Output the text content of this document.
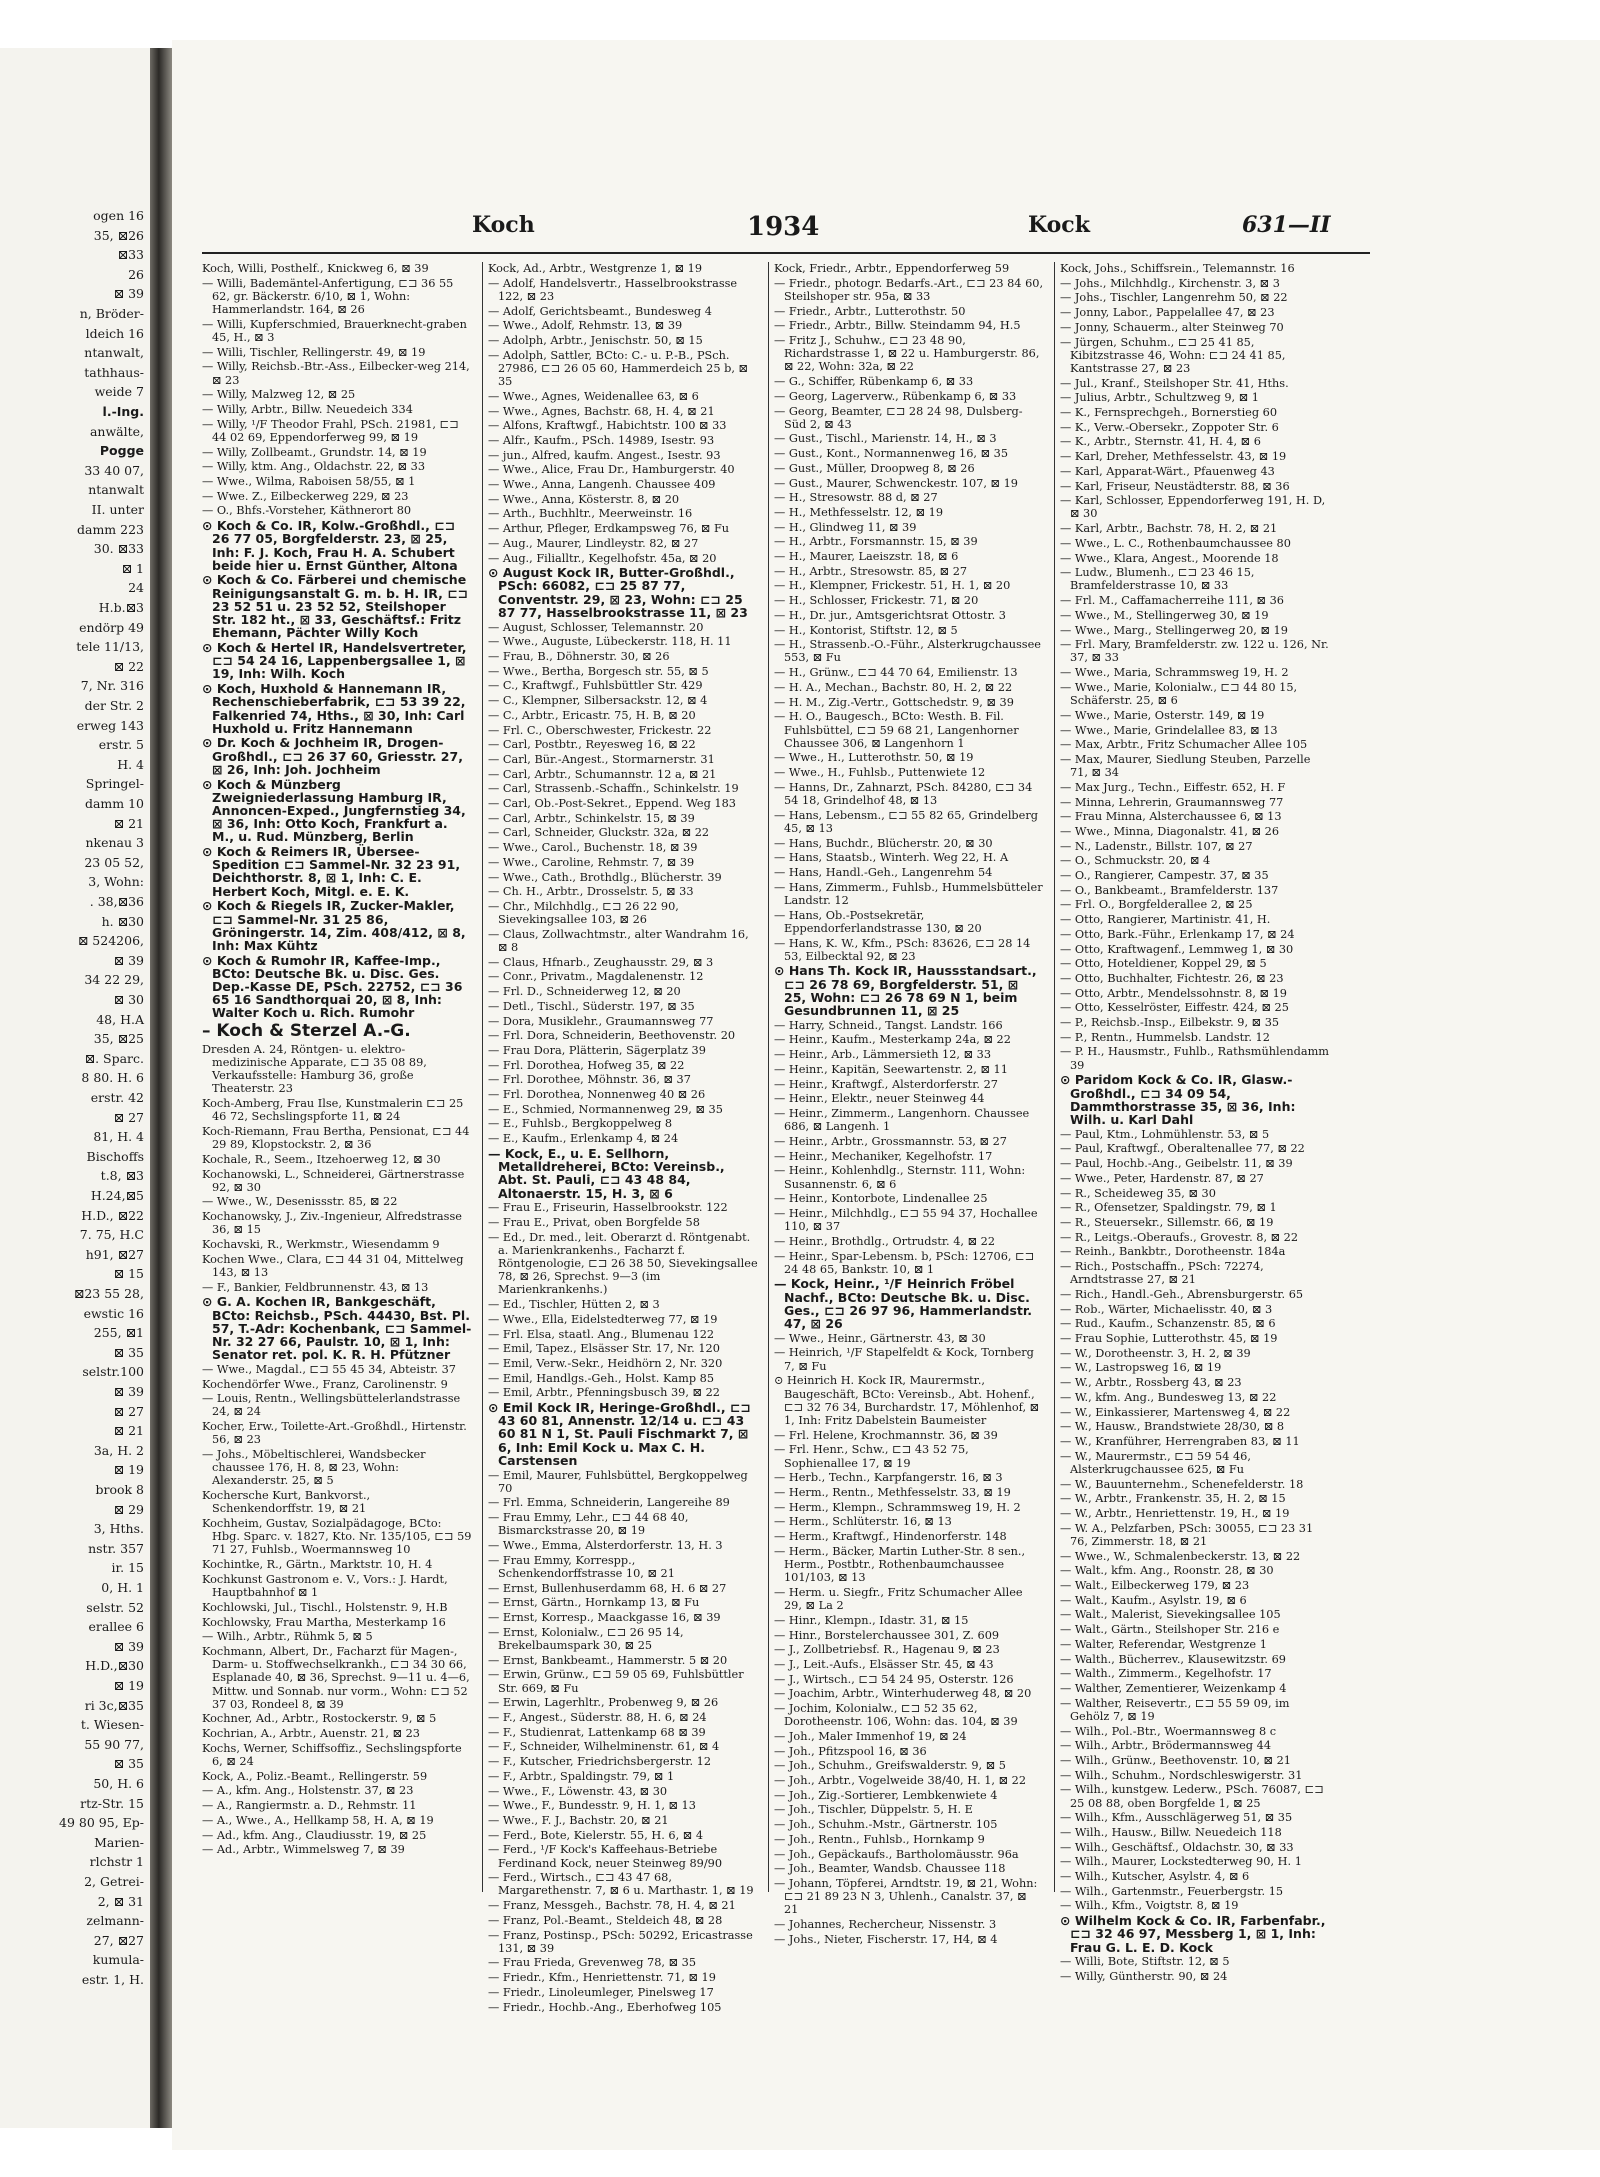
ogen 16
35, ⊠26
⊠33
26
⊠ 39
n, Bröder-
ldeich 16
ntanwalt,
tathhaus-
weide 7
l.-Ing.
anwälte,
Pogge
33 40 07,
ntanwalt
II. unter
damm 223
30. ⊠33
⊠ 1
24
H.b.⊠3
endörp 49
tele 11/13,
⊠ 22
7, Nr. 316
der Str. 2
erweg 143
erstr. 5
H. 4
Springel-
damm 10
⊠ 21
nkenau 3
23 05 52,
3, Wohn:
. 38,⊠36
h. ⊠30
⊠ 524206,
⊠ 39
34 22 29,
⊠ 30
48, H.A
35, ⊠25
⊠. Sparc.
8 80. H. 6
erstr. 42
⊠ 27
81, H. 4
Bischoffs
t.8, ⊠3
H.24,⊠5
H.D., ⊠22
7. 75, H.C
h91, ⊠27
⊠ 15
⊠23 55 28,
ewstic 16
255, ⊠1
⊠ 35
selstr.100
⊠ 39
⊠ 27
⊠ 21
3a, H. 2
⊠ 19
brook 8
⊠ 29
3, Hths.
nstr. 357
ir. 15
0, H. 1
selstr. 52
erallee 6
⊠ 39
H.D.,⊠30
⊠ 19
ri 3c,⊠35
t. Wiesen-
55 90 77,
⊠ 35
50, H. 6
rtz-Str. 15
49 80 95, Ep-
Marien-
rlchstr 1
2, Getrei-
2, ⊠ 31
zelmann-
27, ⊠27
kumula-
estr. 1, H.
Koch	1934	Kock	631—II
Koch, Willi, Posthelf., Knickweg 6, ⊠ 39
— Willi, Bademäntel-Anfertigung, ⊏⊐ 36 55 62, gr. Bäckerstr. 6/10, ⊠ 1, Wohn: Hammerlandstr. 164, ⊠ 26
— Willi, Kupferschmied, Brauerknecht-graben 45, H., ⊠ 3
— Willi, Tischler, Rellingerstr. 49, ⊠ 19
— Willy, Reichsb.-Btr.-Ass., Eilbecker-weg 214, ⊠ 23
— Willy, Malzweg 12, ⊠ 25
— Willy, Arbtr., Billw. Neuedeich 334
— Willy, ¹/F Theodor Frahl, PSch. 21981, ⊏⊐ 44 02 69, Eppendorferweg 99, ⊠ 19
— Willy, Zollbeamt., Grundstr. 14, ⊠ 19
— Willy, ktm. Ang., Oldachstr. 22, ⊠ 33
— Wwe., Wilma, Raboisen 58/55, ⊠ 1
— Wwe. Z., Eilbeckerweg 229, ⊠ 23
— O., Bhfs.-Vorsteher, Käthnerort 80
⊙ Koch & Co. IR, Kolw.-Großhdl., ⊏⊐ 26 77 05, Borgfelderstr. 23, ⊠ 25, Inh: F. J. Koch, Frau H. A. Schubert beide hier u. Ernst Günther, Altona
⊙ Koch & Co. Färberei und chemische Reinigungsanstalt G. m. b. H. IR, ⊏⊐ 23 52 51 u. 23 52 52, Steilshoper Str. 182 ht., ⊠ 33, Geschäftsf.: Fritz Ehemann, Pächter Willy Koch
⊙ Koch & Hertel IR, Handelsvertreter, ⊏⊐ 54 24 16, Lappenbergsallee 1, ⊠ 19, Inh: Wilh. Koch
⊙ Koch, Huxhold & Hannemann IR, Rechenschieberfabrik, ⊏⊐ 53 39 22, Falkenried 74, Hths., ⊠ 30, Inh: Carl Huxhold u. Fritz Hannemann
⊙ Dr. Koch & Jochheim IR, Drogen-Großhdl., ⊏⊐ 26 37 60, Griesstr. 27, ⊠ 26, Inh: Joh. Jochheim
⊙ Koch & Münzberg Zweigniederlassung Hamburg IR, Annoncen-Exped., Jungfernstieg 34, ⊠ 36, Inh: Otto Koch, Frankfurt a. M., u. Rud. Münzberg, Berlin
⊙ Koch & Reimers IR, Übersee-Spedition ⊏⊐ Sammel-Nr. 32 23 91, Deichthorstr. 8, ⊠ 1, Inh: C. E. Herbert Koch, Mitgl. e. E. K.
⊙ Koch & Riegels IR, Zucker-Makler, ⊏⊐ Sammel-Nr. 31 25 86, Gröningerstr. 14, Zim. 408/412, ⊠ 8, Inh: Max Kühtz
⊙ Koch & Rumohr IR, Kaffee-Imp., BCto: Deutsche Bk. u. Disc. Ges. Dep.-Kasse DE, PSch. 22752, ⊏⊐ 36 65 16 Sandthorquai 20, ⊠ 8, Inh: Walter Koch u. Rich. Rumohr
– Koch & Sterzel A.-G.
Dresden A. 24, Röntgen- u. elektro-medizinische Apparate, ⊏⊐ 35 08 89, Verkaufsstelle: Hamburg 36, große Theaterstr. 23
Koch-Amberg, Frau Ilse, Kunstmalerin ⊏⊐ 25 46 72, Sechslingspforte 11, ⊠ 24
Koch-Riemann, Frau Bertha, Pensionat, ⊏⊐ 44 29 89, Klopstockstr. 2, ⊠ 36
Kochale, R., Seem., Itzehoerweg 12, ⊠ 30
Kochanowski, L., Schneiderei, Gärtnerstrasse 92, ⊠ 30
— Wwe., W., Desenissstr. 85, ⊠ 22
Kochanowsky, J., Ziv.-Ingenieur, Alfredstrasse 36, ⊠ 15
Kochavski, R., Werkmstr., Wiesendamm 9
Kochen Wwe., Clara, ⊏⊐ 44 31 04, Mittelweg 143, ⊠ 13
— F., Bankier, Feldbrunnenstr. 43, ⊠ 13
⊙ G. A. Kochen IR, Bankgeschäft, BCto: Reichsb., PSch. 44430, Bst. Pl. 57, T.-Adr: Kochenbank, ⊏⊐ Sammel-Nr. 32 27 66, Paulstr. 10, ⊠ 1, Inh: Senator ret. pol. K. R. H. Pfützner
— Wwe., Magdal., ⊏⊐ 55 45 34, Abteistr. 37
Kochendörfer Wwe., Franz, Carolinenstr. 9
— Louis, Rentn., Wellingsbüttelerlandstrasse 24, ⊠ 24
Kocher, Erw., Toilette-Art.-Großhdl., Hirtenstr. 56, ⊠ 23
— Johs., Möbeltischlerei, Wandsbecker chaussee 176, H. 8, ⊠ 23, Wohn: Alexanderstr. 25, ⊠ 5
Kochersche Kurt, Bankvorst., Schenkendorffstr. 19, ⊠ 21
Kochheim, Gustav, Sozialpädagoge, BCto: Hbg. Sparc. v. 1827, Kto. Nr. 135/105, ⊏⊐ 59 71 27, Fuhlsb., Woermannsweg 10
Kochintke, R., Gärtn., Marktstr. 10, H. 4
Kochkunst Gastronom e. V., Vors.: J. Hardt, Hauptbahnhof ⊠ 1
Kochlowski, Jul., Tischl., Holstenstr. 9, H.B
Kochlowsky, Frau Martha, Mesterkamp 16
— Wilh., Arbtr., Rühmk 5, ⊠ 5
Kochmann, Albert, Dr., Facharzt für Magen-, Darm- u. Stoffwechselkrankh., ⊏⊐ 34 30 66, Esplanade 40, ⊠ 36, Sprechst. 9—11 u. 4—6, Mittw. und Sonnab. nur vorm., Wohn: ⊏⊐ 52 37 03, Rondeel 8, ⊠ 39
Kochner, Ad., Arbtr., Rostockerstr. 9, ⊠ 5
Kochrian, A., Arbtr., Auenstr. 21, ⊠ 23
Kochs, Werner, Schiffsoffiz., Sechslingspforte 6, ⊠ 24
Kock, A., Poliz.-Beamt., Rellingerstr. 59
— A., kfm. Ang., Holstenstr. 37, ⊠ 23
— A., Rangiermstr. a. D., Rehmstr. 11
— A., Wwe., A., Hellkamp 58, H. A, ⊠ 19
— Ad., kfm. Ang., Claudiusstr. 19, ⊠ 25
— Ad., Arbtr., Wimmelsweg 7, ⊠ 39
Kock, Ad., Arbtr., Westgrenze 1, ⊠ 19
— Adolf, Handelsvertr., Hasselbrookstrasse 122, ⊠ 23
— Adolf, Gerichtsbeamt., Bundesweg 4
— Wwe., Adolf, Rehmstr. 13, ⊠ 39
— Adolph, Arbtr., Jenischstr. 50, ⊠ 15
— Adolph, Sattler, BCto: C.- u. P.-B., PSch. 27986, ⊏⊐ 26 05 60, Hammerdeich 25 b, ⊠ 35
— Wwe., Agnes, Weidenallee 63, ⊠ 6
— Wwe., Agnes, Bachstr. 68, H. 4, ⊠ 21
— Alfons, Kraftwgf., Habichtstr. 100 ⊠ 33
— Alfr., Kaufm., PSch. 14989, Isestr. 93
— jun., Alfred, kaufm. Angest., Isestr. 93
— Wwe., Alice, Frau Dr., Hamburgerstr. 40
— Wwe., Anna, Langenh. Chaussee 409
— Wwe., Anna, Kösterstr. 8, ⊠ 20
— Arth., Buchhltr., Meerweinstr. 16
— Arthur, Pfleger, Erdkampsweg 76, ⊠ Fu
— Aug., Maurer, Lindleystr. 82, ⊠ 27
— Aug., Filialltr., Kegelhofstr. 45a, ⊠ 20
⊙ August Kock IR, Butter-Großhdl., PSch: 66082, ⊏⊐ 25 87 77, Conventstr. 29, ⊠ 23, Wohn: ⊏⊐ 25 87 77, Hasselbrookstrasse 11, ⊠ 23
— August, Schlosser, Telemannstr. 20
— Wwe., Auguste, Lübeckerstr. 118, H. 11
— Frau, B., Döhnerstr. 30, ⊠ 26
— Wwe., Bertha, Borgesch str. 55, ⊠ 5
— C., Kraftwgf., Fuhlsbüttler Str. 429
— C., Klempner, Silbersackstr. 12, ⊠ 4
— C., Arbtr., Ericastr. 75, H. B, ⊠ 20
— Frl. C., Oberschwester, Frickestr. 22
— Carl, Postbtr., Reyesweg 16, ⊠ 22
— Carl, Bür.-Angest., Stormarnerstr. 31
— Carl, Arbtr., Schumannstr. 12 a, ⊠ 21
— Carl, Strassenb.-Schaffn., Schinkelstr. 19
— Carl, Ob.-Post-Sekret., Eppend. Weg 183
— Carl, Arbtr., Schinkelstr. 15, ⊠ 39
— Carl, Schneider, Gluckstr. 32a, ⊠ 22
— Wwe., Carol., Buchenstr. 18, ⊠ 39
— Wwe., Caroline, Rehmstr. 7, ⊠ 39
— Wwe., Cath., Brothdlg., Blücherstr. 39
— Ch. H., Arbtr., Drosselstr. 5, ⊠ 33
— Chr., Milchhdlg., ⊏⊐ 26 22 90, Sievekingsallee 103, ⊠ 26
— Claus, Zollwachtmstr., alter Wandrahm 16, ⊠ 8
— Claus, Hfnarb., Zeughausstr. 29, ⊠ 3
— Conr., Privatm., Magdalenenstr. 12
— Frl. D., Schneiderweg 12, ⊠ 20
— Detl., Tischl., Süderstr. 197, ⊠ 35
— Dora, Musiklehr., Graumannsweg 77
— Frl. Dora, Schneiderin, Beethovenstr. 20
— Frau Dora, Plätterin, Sägerplatz 39
— Frl. Dorothea, Hofweg 35, ⊠ 22
— Frl. Dorothee, Möhnstr. 36, ⊠ 37
— Frl. Dorothea, Nonnenweg 40 ⊠ 26
— E., Schmied, Normannenweg 29, ⊠ 35
— E., Fuhlsb., Bergkoppelweg 8
— E., Kaufm., Erlenkamp 4, ⊠ 24
— Kock, E., u. E. Sellhorn, Metalldreherei, BCto: Vereinsb., Abt. St. Pauli, ⊏⊐ 43 48 84, Altonaerstr. 15, H. 3, ⊠ 6
— Frau E., Friseurin, Hasselbrookstr. 122
— Frau E., Privat, oben Borgfelde 58
— Ed., Dr. med., leit. Oberarzt d. Röntgenabt. a. Marienkrankenhs., Facharzt f. Röntgenologie, ⊏⊐ 26 38 50, Sievekingsallee 78, ⊠ 26, Sprechst. 9—3 (im Marienkrankenhs.)
— Ed., Tischler, Hütten 2, ⊠ 3
— Wwe., Ella, Eidelstedterweg 77, ⊠ 19
— Frl. Elsa, staatl. Ang., Blumenau 122
— Emil, Tapez., Elsässer Str. 17, Nr. 120
— Emil, Verw.-Sekr., Heidhörn 2, Nr. 320
— Emil, Handlgs.-Geh., Holst. Kamp 85
— Emil, Arbtr., Pfenningsbusch 39, ⊠ 22
⊙ Emil Kock IR, Heringe-Großhdl., ⊏⊐ 43 60 81, Annenstr. 12/14 u. ⊏⊐ 43 60 81 N 1, St. Pauli Fischmarkt 7, ⊠ 6, Inh: Emil Kock u. Max C. H. Carstensen
— Emil, Maurer, Fuhlsbüttel, Bergkoppelweg 70
— Frl. Emma, Schneiderin, Langereihe 89
— Frau Emmy, Lehr., ⊏⊐ 44 68 40, Bismarckstrasse 20, ⊠ 19
— Wwe., Emma, Alsterdorferstr. 13, H. 3
— Frau Emmy, Korrespp., Schenkendorffstrasse 10, ⊠ 21
— Ernst, Bullenhuserdamm 68, H. 6 ⊠ 27
— Ernst, Gärtn., Hornkamp 13, ⊠ Fu
— Ernst, Korresp., Maackgasse 16, ⊠ 39
— Ernst, Kolonialw., ⊏⊐ 26 95 14, Brekelbaumspark 30, ⊠ 25
— Ernst, Bankbeamt., Hammerstr. 5 ⊠ 20
— Erwin, Grünw., ⊏⊐ 59 05 69, Fuhlsbüttler Str. 669, ⊠ Fu
— Erwin, Lagerhltr., Probenweg 9, ⊠ 26
— F., Angest., Süderstr. 88, H. 6, ⊠ 24
— F., Studienrat, Lattenkamp 68 ⊠ 39
— F., Schneider, Wilhelminenstr. 61, ⊠ 4
— F., Kutscher, Friedrichsbergerstr. 12
— F., Arbtr., Spaldingstr. 79, ⊠ 1
— Wwe., F., Löwenstr. 43, ⊠ 30
— Wwe., F., Bundesstr. 9, H. 1, ⊠ 13
— Wwe., F. J., Bachstr. 20, ⊠ 21
— Ferd., Bote, Kielerstr. 55, H. 6, ⊠ 4
— Ferd., ¹/F Kock's Kaffeehaus-Betriebe Ferdinand Kock, neuer Steinweg 89/90
— Ferd., Wirtsch., ⊏⊐ 43 47 68, Margarethenstr. 7, ⊠ 6 u. Marthastr. 1, ⊠ 19
— Franz, Messgeh., Bachstr. 78, H. 4, ⊠ 21
— Franz, Pol.-Beamt., Steldeich 48, ⊠ 28
— Franz, Postinsp., PSch: 50292, Ericastrasse 131, ⊠ 39
— Frau Frieda, Grevenweg 78, ⊠ 35
— Friedr., Kfm., Henriettenstr. 71, ⊠ 19
— Friedr., Linoleumleger, Pinelsweg 17
— Friedr., Hochb.-Ang., Eberhofweg 105
Kock, Friedr., Arbtr., Eppendorferweg 59
— Friedr., photogr. Bedarfs.-Art., ⊏⊐ 23 84 60, Steilshoper str. 95a, ⊠ 33
— Friedr., Arbtr., Lutterothstr. 50
— Friedr., Arbtr., Billw. Steindamm 94, H.5
— Fritz J., Schuhw., ⊏⊐ 23 48 90, Richardstrasse 1, ⊠ 22 u. Hamburgerstr. 86, ⊠ 22, Wohn: 32a, ⊠ 22
— G., Schiffer, Rübenkamp 6, ⊠ 33
— Georg, Lagerverw., Rübenkamp 6, ⊠ 33
— Georg, Beamter, ⊏⊐ 28 24 98, Dulsberg-Süd 2, ⊠ 43
— Gust., Tischl., Marienstr. 14, H., ⊠ 3
— Gust., Kont., Normannenweg 16, ⊠ 35
— Gust., Müller, Droopweg 8, ⊠ 26
— Gust., Maurer, Schwenckestr. 107, ⊠ 19
— H., Stresowstr. 88 d, ⊠ 27
— H., Methfesselstr. 12, ⊠ 19
— H., Glindweg 11, ⊠ 39
— H., Arbtr., Forsmannstr. 15, ⊠ 39
— H., Maurer, Laeiszstr. 18, ⊠ 6
— H., Arbtr., Stresowstr. 85, ⊠ 27
— H., Klempner, Frickestr. 51, H. 1, ⊠ 20
— H., Schlosser, Frickestr. 71, ⊠ 20
— H., Dr. jur., Amtsgerichtsrat Ottostr. 3
— H., Kontorist, Stiftstr. 12, ⊠ 5
— H., Strassenb.-O.-Führ., Alsterkrugchaussee 553, ⊠ Fu
— H., Grünw., ⊏⊐ 44 70 64, Emilienstr. 13
— H. A., Mechan., Bachstr. 80, H. 2, ⊠ 22
— H. M., Zig.-Vertr., Gottschedstr. 9, ⊠ 39
— H. O., Baugesch., BCto: Westh. B. Fil. Fuhlsbüttel, ⊏⊐ 59 68 21, Langenhorner Chaussee 306, ⊠ Langenhorn 1
— Wwe., H., Lutterothstr. 50, ⊠ 19
— Wwe., H., Fuhlsb., Puttenwiete 12
— Hanns, Dr., Zahnarzt, PSch. 84280, ⊏⊐ 34 54 18, Grindelhof 48, ⊠ 13
— Hans, Lebensm., ⊏⊐ 55 82 65, Grindelberg 45, ⊠ 13
— Hans, Buchdr., Blücherstr. 20, ⊠ 30
— Hans, Staatsb., Winterh. Weg 22, H. A
— Hans, Handl.-Geh., Langenrehm 54
— Hans, Zimmerm., Fuhlsb., Hummelsbütteler Landstr. 12
— Hans, Ob.-Postsekretär, Eppendorferlandstrasse 130, ⊠ 20
— Hans, K. W., Kfm., PSch: 83626, ⊏⊐ 28 14 53, Eilbecktal 92, ⊠ 23
⊙ Hans Th. Kock IR, Haussstandsart., ⊏⊐ 26 78 69, Borgfelderstr. 51, ⊠ 25, Wohn: ⊏⊐ 26 78 69 N 1, beim Gesundbrunnen 11, ⊠ 25
— Harry, Schneid., Tangst. Landstr. 166
— Heinr., Kaufm., Mesterkamp 24a, ⊠ 22
— Heinr., Arb., Lämmersieth 12, ⊠ 33
— Heinr., Kapitän, Seewartenstr. 2, ⊠ 11
— Heinr., Kraftwgf., Alsterdorferstr. 27
— Heinr., Elektr., neuer Steinweg 44
— Heinr., Zimmerm., Langenhorn. Chaussee 686, ⊠ Langenh. 1
— Heinr., Arbtr., Grossmannstr. 53, ⊠ 27
— Heinr., Mechaniker, Kegelhofstr. 17
— Heinr., Kohlenhdlg., Sternstr. 111, Wohn: Susannenstr. 6, ⊠ 6
— Heinr., Kontorbote, Lindenallee 25
— Heinr., Milchhdlg., ⊏⊐ 55 94 37, Hochallee 110, ⊠ 37
— Heinr., Brothdlg., Ortrudstr. 4, ⊠ 22
— Heinr., Spar-Lebensm. b, PSch: 12706, ⊏⊐ 24 48 65, Bankstr. 10, ⊠ 1
— Kock, Heinr., ¹/F Heinrich Fröbel Nachf., BCto: Deutsche Bk. u. Disc. Ges., ⊏⊐ 26 97 96, Hammerlandstr. 47, ⊠ 26
— Wwe., Heinr., Gärtnerstr. 43, ⊠ 30
— Heinrich, ¹/F Stapelfeldt & Kock, Tornberg 7, ⊠ Fu
⊙ Heinrich H. Kock IR, Maurermstr., Baugeschäft, BCto: Vereinsb., Abt. Hohenf., ⊏⊐ 32 76 34, Burchardstr. 17, Möhlenhof, ⊠ 1, Inh: Fritz Dabelstein Baumeister
— Frl. Helene, Krochmannstr. 36, ⊠ 39
— Frl. Henr., Schw., ⊏⊐ 43 52 75, Sophienallee 17, ⊠ 19
— Herb., Techn., Karpfangerstr. 16, ⊠ 3
— Herm., Rentn., Methfesselstr. 33, ⊠ 19
— Herm., Klempn., Schrammsweg 19, H. 2
— Herm., Schlüterstr. 16, ⊠ 13
— Herm., Kraftwgf., Hindenorferstr. 148
— Herm., Bäcker, Martin Luther-Str. 8 sen., Herm., Postbtr., Rothenbaumchaussee 101/103, ⊠ 13
— Herm. u. Siegfr., Fritz Schumacher Allee 29, ⊠ La 2
— Hinr., Klempn., Idastr. 31, ⊠ 15
— Hinr., Borstelerchaussee 301, Z. 609
— J., Zollbetriebsf. R., Hagenau 9, ⊠ 23
— J., Leit.-Aufs., Elsässer Str. 45, ⊠ 43
— J., Wirtsch., ⊏⊐ 54 24 95, Osterstr. 126
— Joachim, Arbtr., Winterhuderweg 48, ⊠ 20
— Jochim, Kolonialw., ⊏⊐ 52 35 62, Dorotheenstr. 106, Wohn: das. 104, ⊠ 39
— Joh., Maler Immenhof 19, ⊠ 24
— Joh., Pfitzspool 16, ⊠ 36
— Joh., Schuhm., Greifswalderstr. 9, ⊠ 5
— Joh., Arbtr., Vogelweide 38/40, H. 1, ⊠ 22
— Joh., Zig.-Sortierer, Lembkenwiete 4
— Joh., Tischler, Düppelstr. 5, H. E
— Joh., Schuhm.-Mstr., Gärtnerstr. 105
— Joh., Rentn., Fuhlsb., Hornkamp 9
— Joh., Gepäckaufs., Bartholomäusstr. 96a
— Joh., Beamter, Wandsb. Chaussee 118
— Johann, Töpferei, Arndtstr. 19, ⊠ 21, Wohn: ⊏⊐ 21 89 23 N 3, Uhlenh., Canalstr. 37, ⊠ 21
— Johannes, Rechercheur, Nissenstr. 3
— Johs., Nieter, Fischerstr. 17, H4, ⊠ 4
Kock, Johs., Schiffsrein., Telemannstr. 16
— Johs., Milchhdlg., Kirchenstr. 3, ⊠ 3
— Johs., Tischler, Langenrehm 50, ⊠ 22
— Jonny, Labor., Pappelallee 47, ⊠ 23
— Jonny, Schauerm., alter Steinweg 70
— Jürgen, Schuhm., ⊏⊐ 25 41 85, Kibitzstrasse 46, Wohn: ⊏⊐ 24 41 85, Kantstrasse 27, ⊠ 23
— Jul., Kranf., Steilshoper Str. 41, Hths.
— Julius, Arbtr., Schultzweg 9, ⊠ 1
— K., Fernsprechgeh., Bornerstieg 60
— K., Verw.-Obersekr., Zoppoter Str. 6
— K., Arbtr., Sternstr. 41, H. 4, ⊠ 6
— Karl, Dreher, Methfesselstr. 43, ⊠ 19
— Karl, Apparat-Wärt., Pfauenweg 43
— Karl, Friseur, Neustädterstr. 88, ⊠ 36
— Karl, Schlosser, Eppendorferweg 191, H. D, ⊠ 30
— Karl, Arbtr., Bachstr. 78, H. 2, ⊠ 21
— Wwe., L. C., Rothenbaumchaussee 80
— Wwe., Klara, Angest., Moorende 18
— Ludw., Blumenh., ⊏⊐ 23 46 15, Bramfelderstrasse 10, ⊠ 33
— Frl. M., Caffamacherreihe 111, ⊠ 36
— Wwe., M., Stellingerweg 30, ⊠ 19
— Wwe., Marg., Stellingerweg 20, ⊠ 19
— Frl. Mary, Bramfelderstr. zw. 122 u. 126, Nr. 37, ⊠ 33
— Wwe., Maria, Schrammsweg 19, H. 2
— Wwe., Marie, Kolonialw., ⊏⊐ 44 80 15, Schäferstr. 25, ⊠ 6
— Wwe., Marie, Osterstr. 149, ⊠ 19
— Wwe., Marie, Grindelallee 83, ⊠ 13
— Max, Arbtr., Fritz Schumacher Allee 105
— Max, Maurer, Siedlung Steuben, Parzelle 71, ⊠ 34
— Max Jurg., Techn., Eiffestr. 652, H. F
— Minna, Lehrerin, Graumannsweg 77
— Frau Minna, Alsterchaussee 6, ⊠ 13
— Wwe., Minna, Diagonalstr. 41, ⊠ 26
— N., Ladenstr., Billstr. 107, ⊠ 27
— O., Schmuckstr. 20, ⊠ 4
— O., Rangierer, Campestr. 37, ⊠ 35
— O., Bankbeamt., Bramfelderstr. 137
— Frl. O., Borgfelderallee 2, ⊠ 25
— Otto, Rangierer, Martinistr. 41, H.
— Otto, Bark.-Führ., Erlenkamp 17, ⊠ 24
— Otto, Kraftwagenf., Lemmweg 1, ⊠ 30
— Otto, Hoteldiener, Koppel 29, ⊠ 5
— Otto, Buchhalter, Fichtestr. 26, ⊠ 23
— Otto, Arbtr., Mendelssohnstr. 8, ⊠ 19
— Otto, Kesselröster, Eiffestr. 424, ⊠ 25
— P., Reichsb.-Insp., Eilbekstr. 9, ⊠ 35
— P., Rentn., Hummelsb. Landstr. 12
— P. H., Hausmstr., Fuhlb., Rathsmühlendamm 39
⊙ Paridom Kock & Co. IR, Glasw.-Großhdl., ⊏⊐ 34 09 54, Dammthorstrasse 35, ⊠ 36, Inh: Wilh. u. Karl Dahl
— Paul, Ktm., Lohmühlenstr. 53, ⊠ 5
— Paul, Kraftwgf., Oberaltenallee 77, ⊠ 22
— Paul, Hochb.-Ang., Geibelstr. 11, ⊠ 39
— Wwe., Peter, Hardenstr. 87, ⊠ 27
— R., Scheideweg 35, ⊠ 30
— R., Ofensetzer, Spaldingstr. 79, ⊠ 1
— R., Steuersekr., Sillemstr. 66, ⊠ 19
— R., Leitgs.-Oberaufs., Grovestr. 8, ⊠ 22
— Reinh., Bankbtr., Dorotheenstr. 184a
— Rich., Postschaffn., PSch: 72274, Arndtstrasse 27, ⊠ 21
— Rich., Handl.-Geh., Abrensburgerstr. 65
— Rob., Wärter, Michaelisstr. 40, ⊠ 3
— Rud., Kaufm., Schanzenstr. 85, ⊠ 6
— Frau Sophie, Lutterothstr. 45, ⊠ 19
— W., Dorotheenstr. 3, H. 2, ⊠ 39
— W., Lastropsweg 16, ⊠ 19
— W., Arbtr., Rossberg 43, ⊠ 23
— W., kfm. Ang., Bundesweg 13, ⊠ 22
— W., Einkassierer, Martensweg 4, ⊠ 22
— W., Hausw., Brandstwiete 28/30, ⊠ 8
— W., Kranführer, Herrengraben 83, ⊠ 11
— W., Maurermstr., ⊏⊐ 59 54 46, Alsterkrugchaussee 625, ⊠ Fu
— W., Bauunternehm., Schenefelderstr. 18
— W., Arbtr., Frankenstr. 35, H. 2, ⊠ 15
— W., Arbtr., Henriettenstr. 19, H., ⊠ 19
— W. A., Pelzfarben, PSch: 30055, ⊏⊐ 23 31 76, Zimmerstr. 18, ⊠ 21
— Wwe., W., Schmalenbeckerstr. 13, ⊠ 22
— Walt., kfm. Ang., Roonstr. 28, ⊠ 30
— Walt., Eilbeckerweg 179, ⊠ 23
— Walt., Kaufm., Asylstr. 19, ⊠ 6
— Walt., Malerist, Sievekingsallee 105
— Walt., Gärtn., Steilshoper Str. 216 e
— Walter, Referendar, Westgrenze 1
— Walth., Bücherrev., Klausewitzstr. 69
— Walth., Zimmerm., Kegelhofstr. 17
— Walther, Zementierer, Weizenkamp 4
— Walther, Reisevertr., ⊏⊐ 55 59 09, im Gehölz 7, ⊠ 19
— Wilh., Pol.-Btr., Woermannsweg 8 c
— Wilh., Arbtr., Brödermannsweg 44
— Wilh., Grünw., Beethovenstr. 10, ⊠ 21
— Wilh., Schuhm., Nordschleswigerstr. 31
— Wilh., kunstgew. Lederw., PSch. 76087, ⊏⊐ 25 08 88, oben Borgfelde 1, ⊠ 25
— Wilh., Kfm., Ausschlägerweg 51, ⊠ 35
— Wilh., Hausw., Billw. Neuedeich 118
— Wilh., Geschäftsf., Oldachstr. 30, ⊠ 33
— Wilh., Maurer, Lockstedterweg 90, H. 1
— Wilh., Kutscher, Asylstr. 4, ⊠ 6
— Wilh., Gartenmstr., Feuerbergstr. 15
— Wilh., Kfm., Voigtstr. 8, ⊠ 19
⊙ Wilhelm Kock & Co. IR, Farbenfabr., ⊏⊐ 32 46 97, Messberg 1, ⊠ 1, Inh: Frau G. L. E. D. Kock
— Willi, Bote, Stiftstr. 12, ⊠ 5
— Willy, Güntherstr. 90, ⊠ 24
